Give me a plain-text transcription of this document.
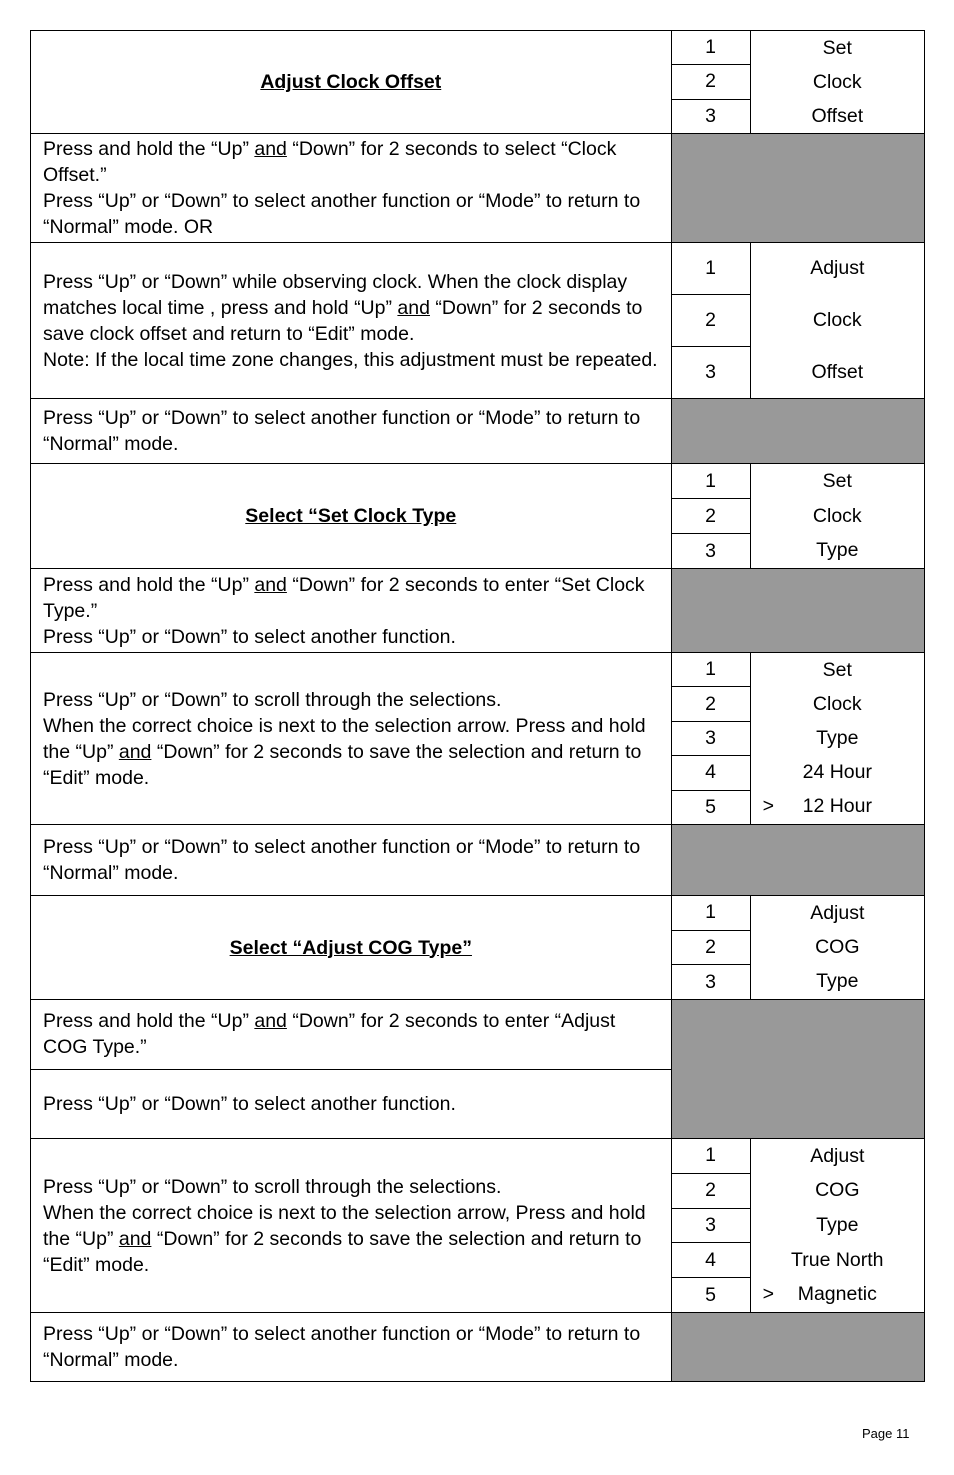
Adjust Clock Offset
1
2
3
Set
Clock
Offset

Press and hold the “Up” and “Down” for 2 seconds to select “Clock Offset.”

Press “Up” or “Down” to select another function or “Mode” to return to “Normal” mode. OR

Press “Up” or “Down” while observing clock. When the clock display matches local time , press and hold “Up” and “Down” for 2 seconds to save clock offset and return to “Edit” mode.

Note: If the local time zone changes, this adjustment must be repeated.

1
2
3
Adjust
Clock
Offset

Press “Up” or “Down” to select another function or “Mode” to return to “Normal” mode.

Select “Set Clock Type
1
2
3
Set
Clock
Type

Press and hold the “Up” and “Down” for 2 seconds to enter “Set Clock Type.”

Press “Up” or “Down” to select another function.

Press “Up” or “Down” to scroll through the selections.

When the correct choice is next to the selection arrow. Press and hold the “Up” and “Down” for 2 seconds to save the selection and return to “Edit” mode.

1
2
3
4
5
Set
Clock
Type
24 Hour
> 12 Hour

Press “Up” or “Down” to select another function or “Mode” to return to “Normal” mode.

Select “Adjust COG Type”
1
2
3
Adjust
COG
Type

Press and hold the “Up” and “Down” for 2 seconds to enter “Adjust COG Type.”

Press “Up” or “Down” to select another function.

Press “Up” or “Down” to scroll through the selections.

When the correct choice is next to the selection arrow, Press and hold the “Up” and “Down” for 2 seconds to save the selection and return to “Edit” mode.

1
2
3
4
5
Adjust
COG
Type
True North
> Magnetic

Press “Up” or “Down” to select another function or “Mode” to return to “Normal” mode.

Page 11
